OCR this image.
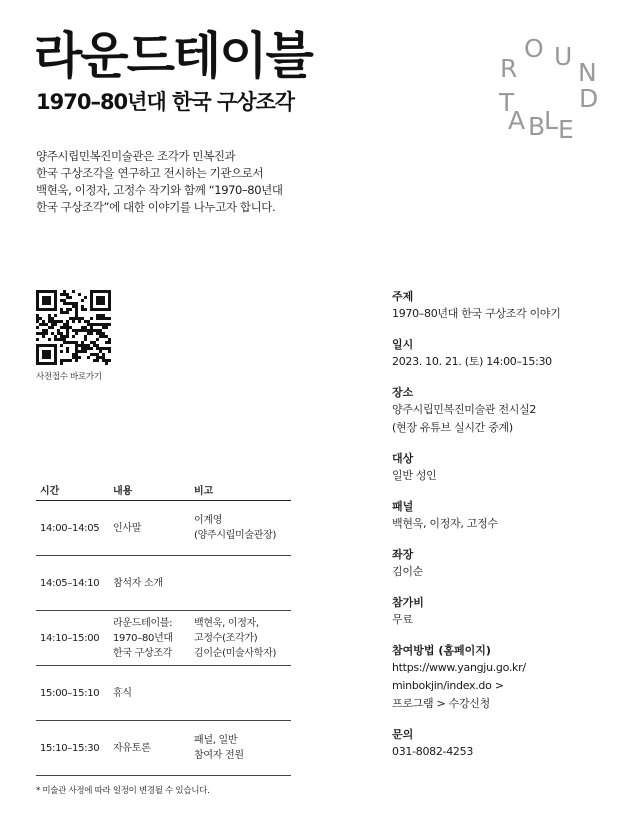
라운드테이블
1970–80년대 한국 구상조각
R
O U
N
D
T
A B
L E
양주시립민복진미술관은 조각가 민복진과
한국 구상조각을 연구하고 전시하는 기관으로서
백현욱, 이정자, 고정수 작기와 함께 “1970–80년대
한국 구상조각”에 대한 이야기를 나누고자 합니다.
사전접수 바로가기
시간	내용	비고
14:00–14:05 인사말
이계영
(양주시립미술관장)
14:05–14:10 참석자 소개
14:10–15:00
라운드테이블:
1970–80년대
한국 구상조각
백현욱, 이정자,
고정수(조각가)
김이순(미술사학자)
15:00–15:10 휴식
15:10–15:30 자유토론
패널, 일반
참여자 전원
* 미술관 사정에 따라 일정이 변경될 수 있습니다.
주제
1970–80년대 한국 구상조각 이야기
일시
2023. 10. 21. (토) 14:00–15:30
장소
양주시립민복진미술관 전시실2
(현장 유튜브 실시간 중계)
대상
일반 성인
패널
백현욱, 이정자, 고정수
좌장
김이순
참가비
무료
참여방법 (홈페이지)
https://www.yangju.go.kr/
minbokjin/index.do >
프로그램 > 수강신청
문의
031-8082-4253
